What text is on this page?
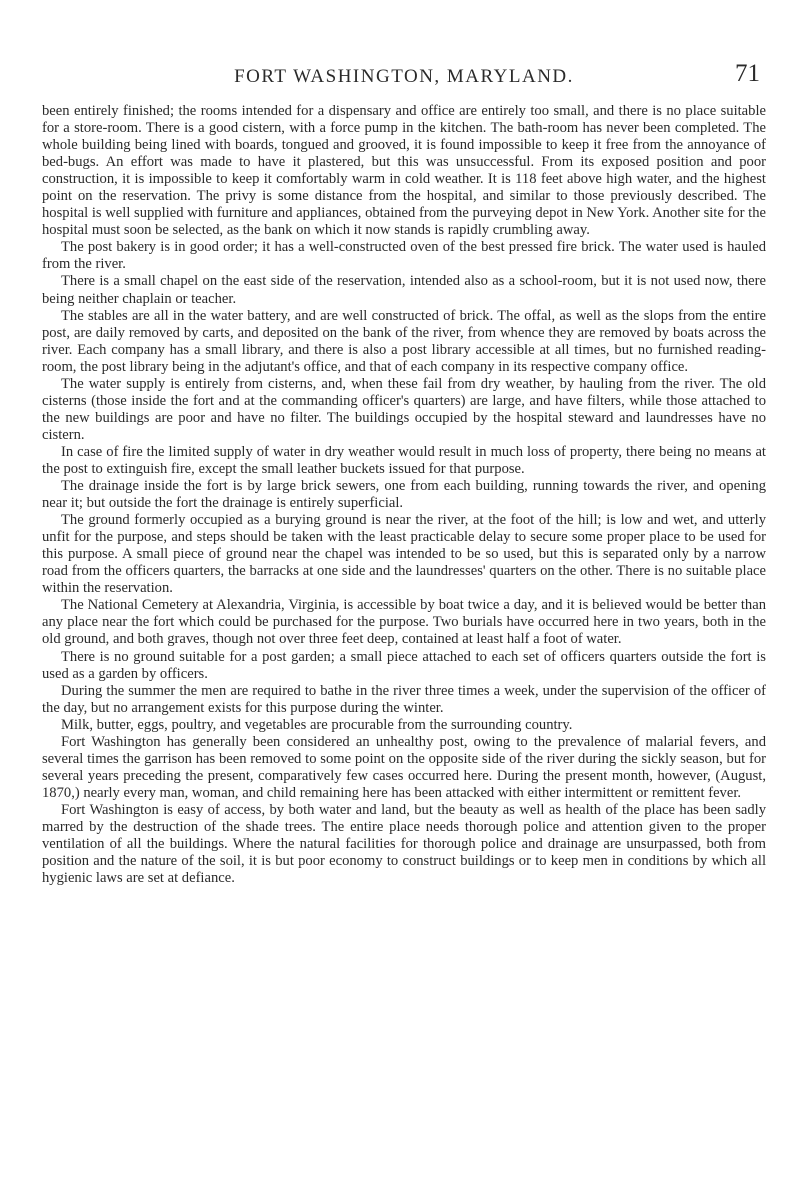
FORT WASHINGTON, MARYLAND.	71

been entirely finished; the rooms intended for a dispensary and office are entirely too small, and there is no place suitable for a store-room. There is a good cistern, with a force pump in the kitchen. The bath-room has never been completed. The whole building being lined with boards, tongued and grooved, it is found impossible to keep it free from the annoyance of bed-bugs. An effort was made to have it plastered, but this was unsuccessful. From its exposed position and poor construction, it is impossible to keep it comfortably warm in cold weather. It is 118 feet above high water, and the highest point on the reservation. The privy is some distance from the hospital, and similar to those previously described. The hospital is well supplied with furniture and appliances, obtained from the purveying depot in New York. Another site for the hospital must soon be selected, as the bank on which it now stands is rapidly crumbling away.

The post bakery is in good order; it has a well-constructed oven of the best pressed fire brick. The water used is hauled from the river.

There is a small chapel on the east side of the reservation, intended also as a school-room, but it is not used now, there being neither chaplain or teacher.

The stables are all in the water battery, and are well constructed of brick. The offal, as well as the slops from the entire post, are daily removed by carts, and deposited on the bank of the river, from whence they are removed by boats across the river. Each company has a small library, and there is also a post library accessible at all times, but no furnished reading-room, the post library being in the adjutant's office, and that of each company in its respective company office.

The water supply is entirely from cisterns, and, when these fail from dry weather, by hauling from the river. The old cisterns (those inside the fort and at the commanding officer's quarters) are large, and have filters, while those attached to the new buildings are poor and have no filter. The buildings occupied by the hospital steward and laundresses have no cistern.

In case of fire the limited supply of water in dry weather would result in much loss of property, there being no means at the post to extinguish fire, except the small leather buckets issued for that purpose.

The drainage inside the fort is by large brick sewers, one from each building, running towards the river, and opening near it; but outside the fort the drainage is entirely superficial.

The ground formerly occupied as a burying ground is near the river, at the foot of the hill; is low and wet, and utterly unfit for the purpose, and steps should be taken with the least practicable delay to secure some proper place to be used for this purpose. A small piece of ground near the chapel was intended to be so used, but this is separated only by a narrow road from the officers quarters, the barracks at one side and the laundresses' quarters on the other. There is no suitable place within the reservation.

The National Cemetery at Alexandria, Virginia, is accessible by boat twice a day, and it is believed would be better than any place near the fort which could be purchased for the purpose. Two burials have occurred here in two years, both in the old ground, and both graves, though not over three feet deep, contained at least half a foot of water.

There is no ground suitable for a post garden; a small piece attached to each set of officers quarters outside the fort is used as a garden by officers.

During the summer the men are required to bathe in the river three times a week, under the supervision of the officer of the day, but no arrangement exists for this purpose during the winter.

Milk, butter, eggs, poultry, and vegetables are procurable from the surrounding country.

Fort Washington has generally been considered an unhealthy post, owing to the prevalence of malarial fevers, and several times the garrison has been removed to some point on the opposite side of the river during the sickly season, but for several years preceding the present, comparatively few cases occurred here. During the present month, however, (August, 1870,) nearly every man, woman, and child remaining here has been attacked with either intermittent or remittent fever.

Fort Washington is easy of access, by both water and land, but the beauty as well as health of the place has been sadly marred by the destruction of the shade trees. The entire place needs thorough police and attention given to the proper ventilation of all the buildings. Where the natural facilities for thorough police and drainage are unsurpassed, both from position and the nature of the soil, it is but poor economy to construct buildings or to keep men in conditions by which all hygienic laws are set at defiance.
